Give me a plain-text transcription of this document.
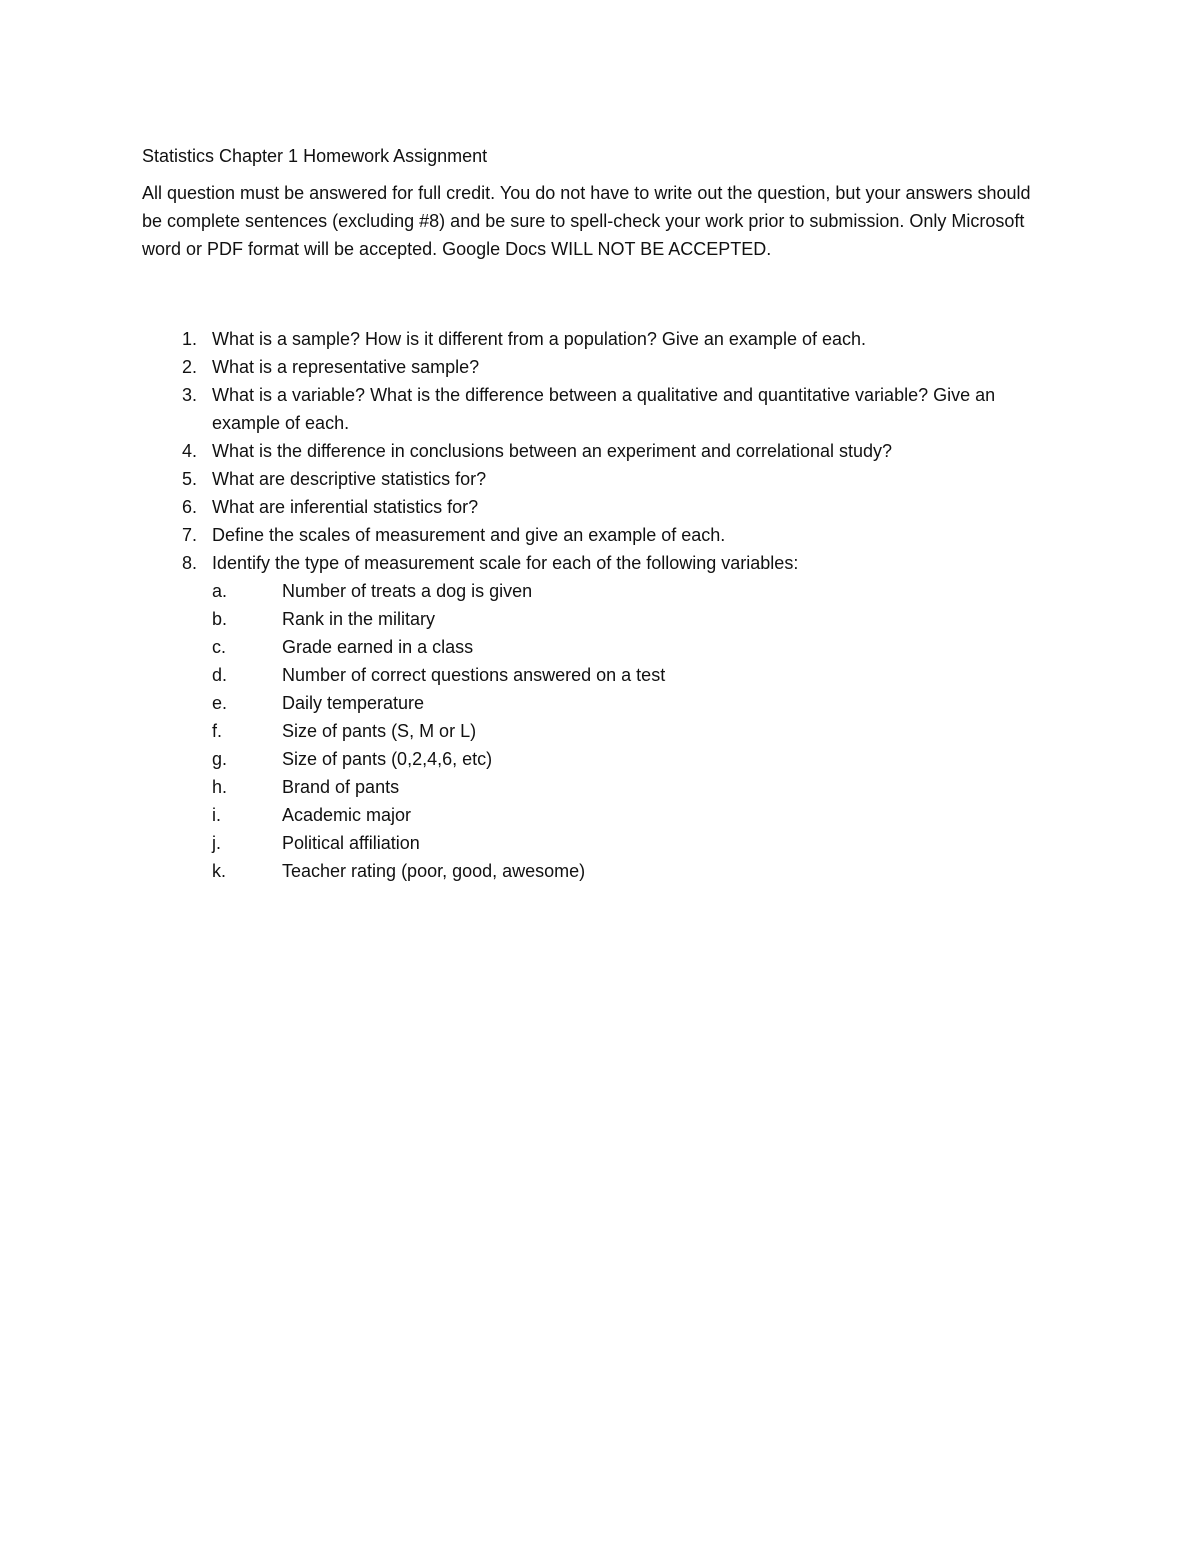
Statistics Chapter 1 Homework Assignment

All question must be answered for full credit. You do not have to write out the question, but your answers should be complete sentences (excluding #8) and be sure to spell-check your work prior to submission. Only Microsoft word or PDF format will be accepted. Google Docs WILL NOT BE ACCEPTED.

1. What is a sample? How is it different from a population? Give an example of each.
2. What is a representative sample?
3. What is a variable? What is the difference between a qualitative and quantitative variable? Give an example of each.
4. What is the difference in conclusions between an experiment and correlational study?
5. What are descriptive statistics for?
6. What are inferential statistics for?
7. Define the scales of measurement and give an example of each.
8. Identify the type of measurement scale for each of the following variables:
a.	Number of treats a dog is given
b.	Rank in the military
c.	Grade earned in a class
d.	Number of correct questions answered on a test
e.	Daily temperature
f.	Size of pants (S, M or L)
g.	Size of pants (0,2,4,6, etc)
h.	Brand of pants
i.	Academic major
j.	Political affiliation
k.	Teacher rating (poor, good, awesome)
